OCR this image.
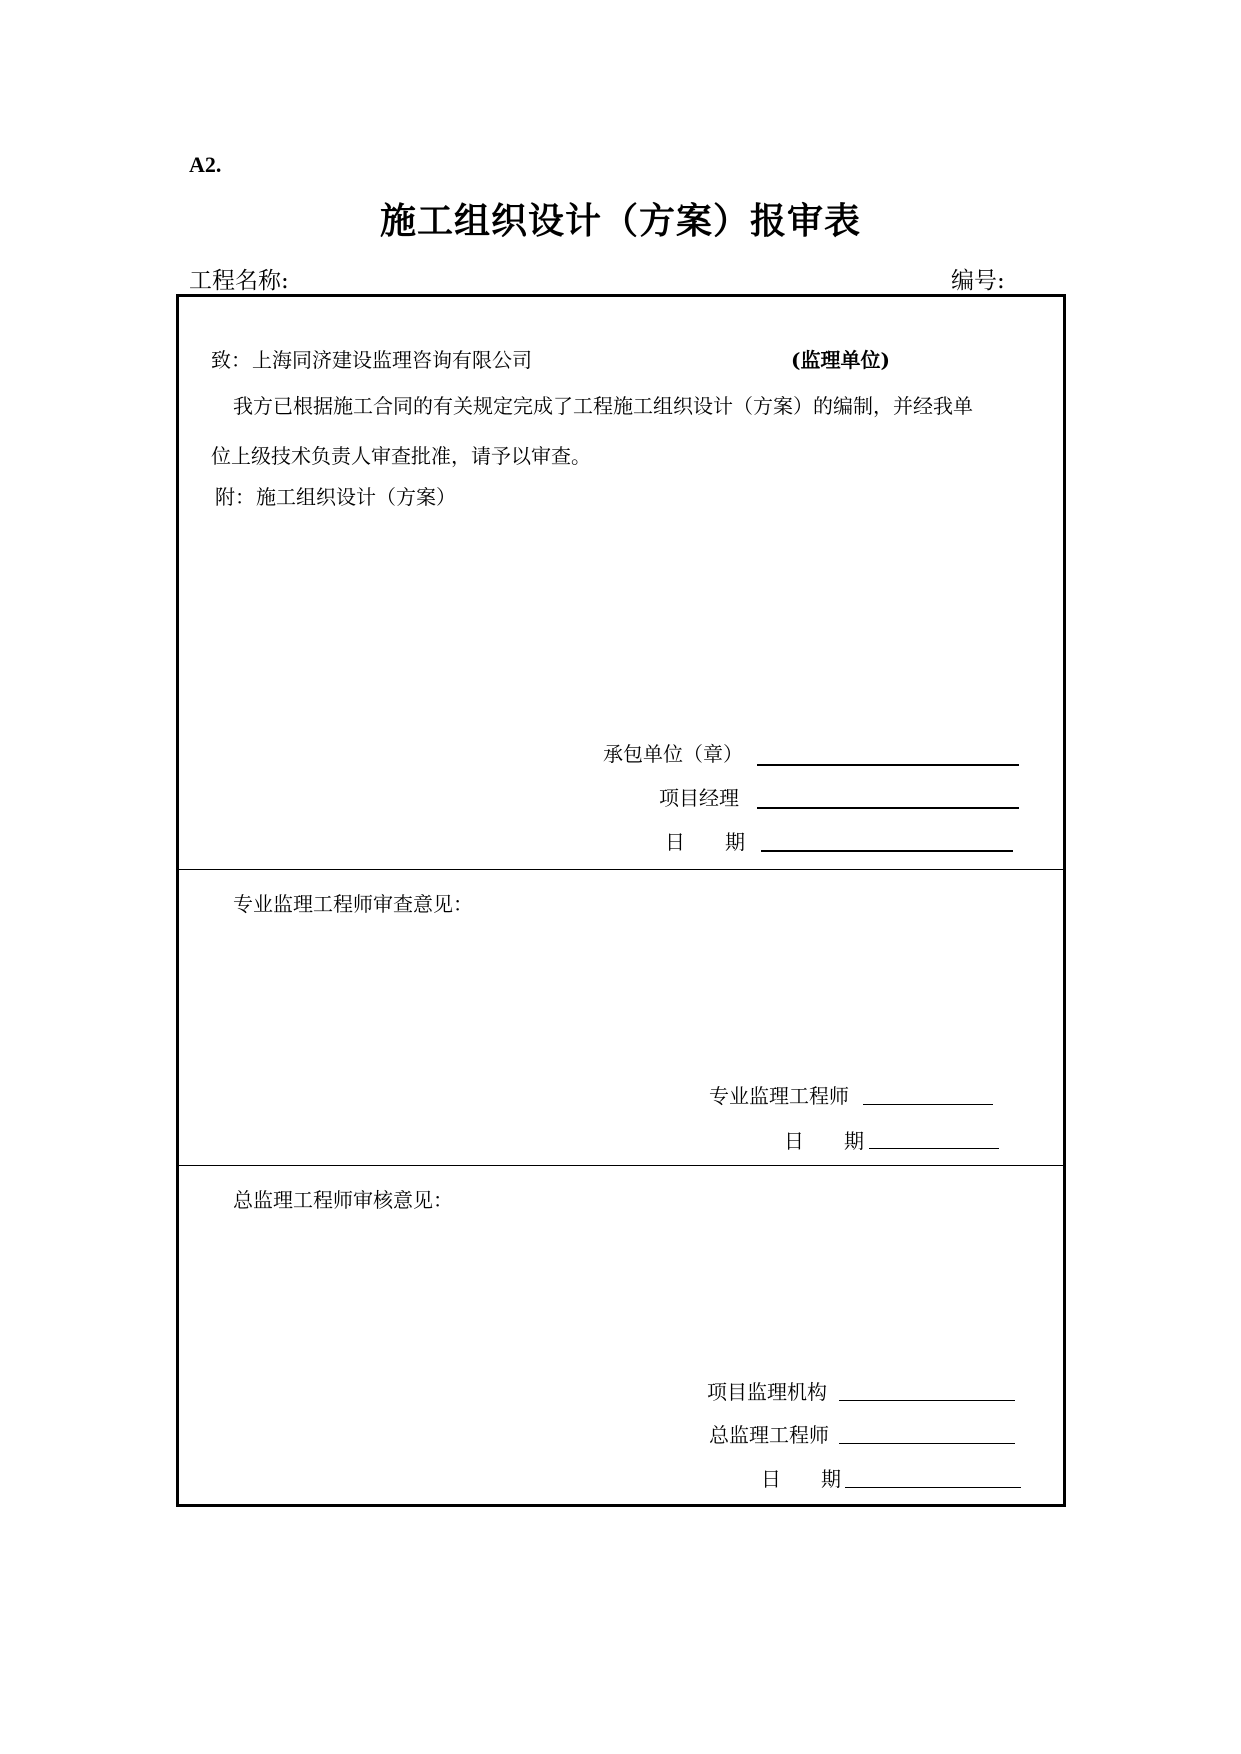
A2.
施工组织设计（方案）报审表
工程名称:	编号:
致： 上海同济建设监理咨询有限公司	(监理单位)
我方已根据施工合同的有关规定完成了工程施工组织设计（方案）的编制，并经我单
位上级技术负责人审查批准，请予以审查。
附： 施工组织设计（方案）
承包单位（章）
项目经理
日　　期
专业监理工程师审查意见：
专业监理工程师
日　　期
总监理工程师审核意见：
项目监理机构
总监理工程师
日　　期
